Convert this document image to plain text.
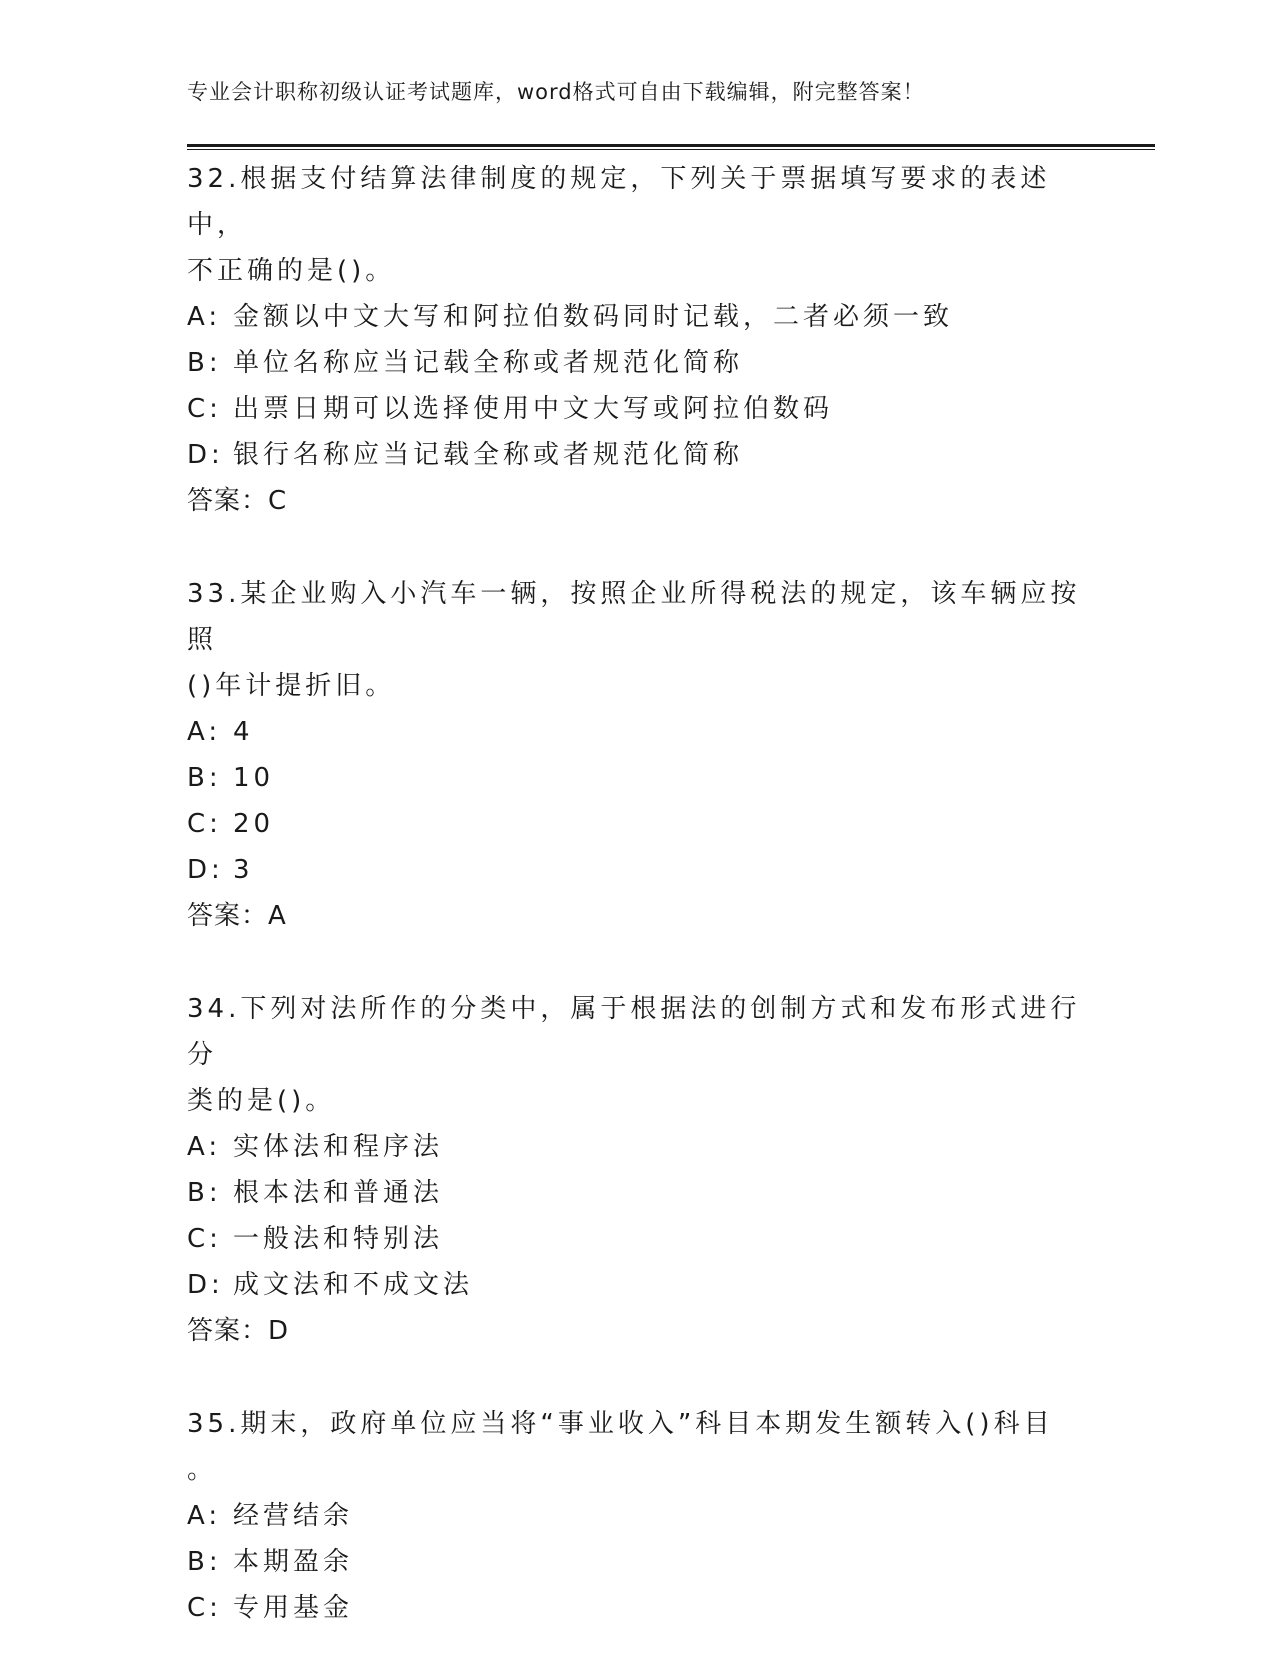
专业会计职称初级认证考试题库，word格式可自由下载编辑，附完整答案！

32.根据支付结算法律制度的规定，下列关于票据填写要求的表述中，

不正确的是()。

A: 金额以中文大写和阿拉伯数码同时记载，二者必须一致

B: 单位名称应当记载全称或者规范化简称

C: 出票日期可以选择使用中文大写或阿拉伯数码

D: 银行名称应当记载全称或者规范化简称

答案：C

33.某企业购入小汽车一辆，按照企业所得税法的规定，该车辆应按照

()年计提折旧。

A: 4

B: 10

C: 20

D: 3

答案：A

34.下列对法所作的分类中，属于根据法的创制方式和发布形式进行分

类的是()。

A: 实体法和程序法

B: 根本法和普通法

C: 一般法和特别法

D: 成文法和不成文法

答案：D

35.期末，政府单位应当将“事业收入”科目本期发生额转入()科目

。

A: 经营结余

B: 本期盈余

C: 专用基金
